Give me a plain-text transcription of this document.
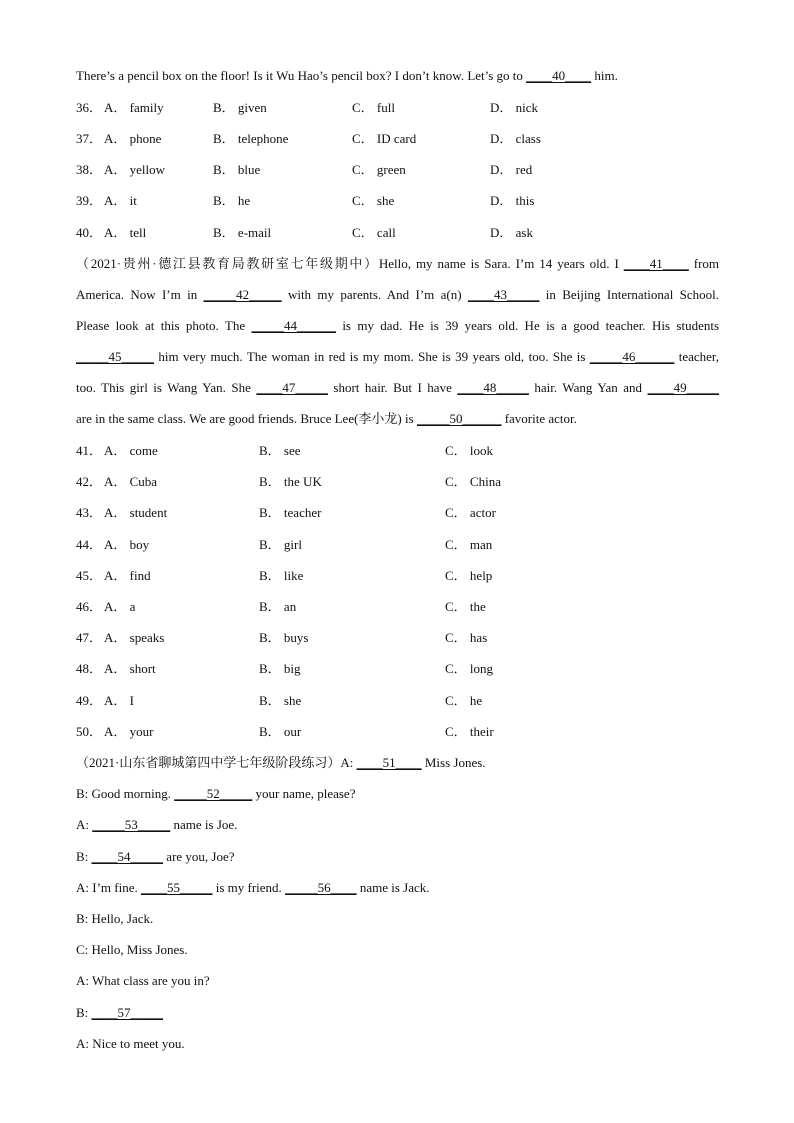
There’s a pencil box on the floor! Is it Wu Hao’s pencil box? I don’t know. Let’s go to ____40____ him.
36． A． family	B． given	C． full	D． nick
37． A． phone	B． telephone	C． ID card	D． class
38． A． yellow	B． blue	C． green	D． red
39． A． it	B． he	C． she	D． this
40． A． tell	B． e-mail	C． call	D． ask
（2021·贵州·德江县教育局教研室七年级期中）Hello, my name is Sara. I’m 14 years old. I ____41____ from
America. Now I’m in _____42_____ with my parents. And I’m a(n) ____43_____ in Beijing International School.
Please look at this photo. The _____44______ is my dad. He is 39 years old. He is a good teacher. His students
_____45_____ him very much. The woman in red is my mom. She is 39 years old, too. She is _____46______ teacher,
too. This girl is Wang Yan. She ____47_____ short hair. But I have ____48_____ hair. Wang Yan and ____49_____
are in the same class. We are good friends. Bruce Lee(李小龙) is _____50______ favorite actor.
41． A． come	B． see	C． look
42． A． Cuba	B． the UK	C． China
43． A． student	B． teacher	C． actor
44． A． boy	B． girl	C． man
45． A． find	B． like	C． help
46． A． a	B． an	C． the
47． A． speaks	B． buys	C． has
48． A． short	B． big	C． long
49． A． I	B． she	C． he
50． A． your	B． our	C． their
（2021·山东省聊城第四中学七年级阶段练习）A: ____51____ Miss Jones.
B: Good morning. _____52_____ your name, please?
A: _____53_____ name is Joe.
B: ____54_____ are you, Joe?
A: I’m fine. ____55_____ is my friend. _____56____ name is Jack.
B: Hello, Jack.
C: Hello, Miss Jones.
A: What class are you in?
B: ____57_____
A: Nice to meet you.
